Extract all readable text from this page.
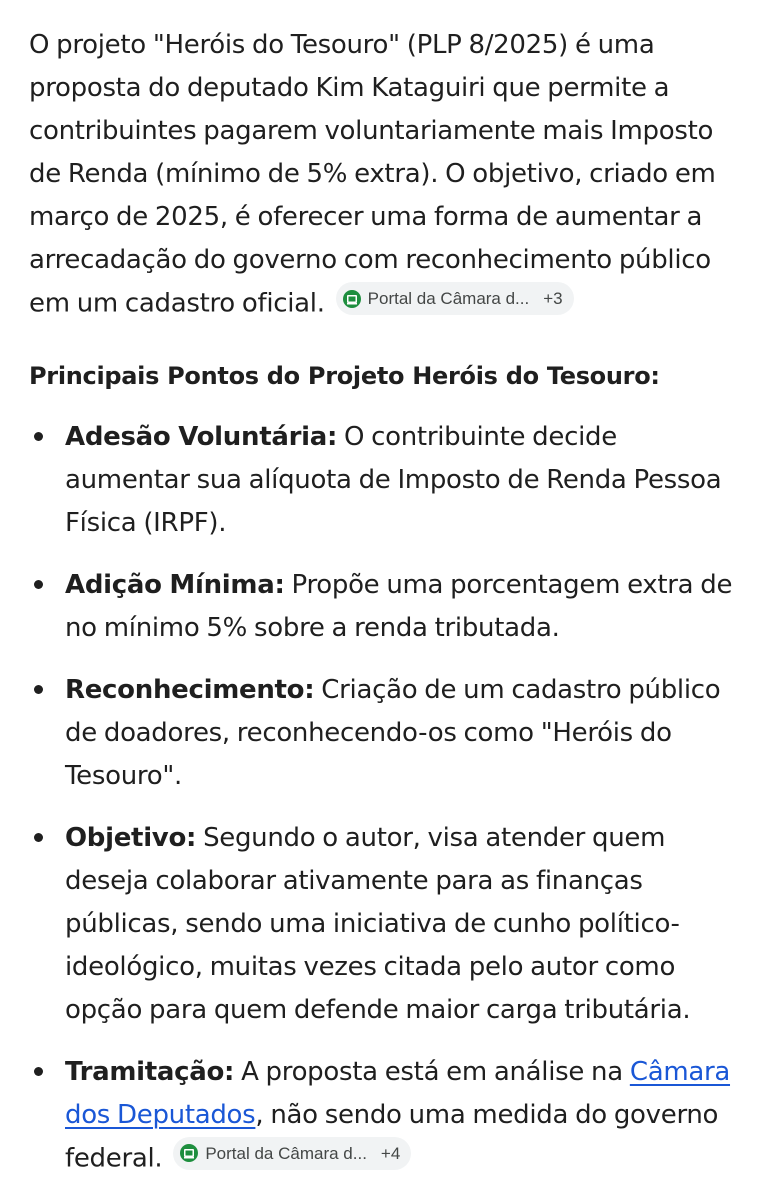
O projeto "Heróis do Tesouro" (PLP 8/2025) é uma proposta do deputado Kim Kataguiri que permite a contribuintes pagarem voluntariamente mais Imposto de Renda (mínimo de 5% extra). O objetivo, criado em março de 2025, é oferecer uma forma de aumentar a arrecadação do governo com reconhecimento público em um cadastro oficial.	Portal da Câmara d... +3

Principais Pontos do Projeto Heróis do Tesouro:
Adesão Voluntária: O contribuinte decide aumentar sua alíquota de Imposto de Renda Pessoa Física (IRPF).
Adição Mínima: Propõe uma porcentagem extra de no mínimo 5% sobre a renda tributada.
Reconhecimento: Criação de um cadastro público de doadores, reconhecendo-os como "Heróis do Tesouro".
Objetivo: Segundo o autor, visa atender quem deseja colaborar ativamente para as finanças públicas, sendo uma iniciativa de cunho político-ideológico, muitas vezes citada pelo autor como opção para quem defende maior carga tributária.
Tramitação: A proposta está em análise na Câmara dos Deputados, não sendo uma medida do governo federal.	Portal da Câmara d... +4
